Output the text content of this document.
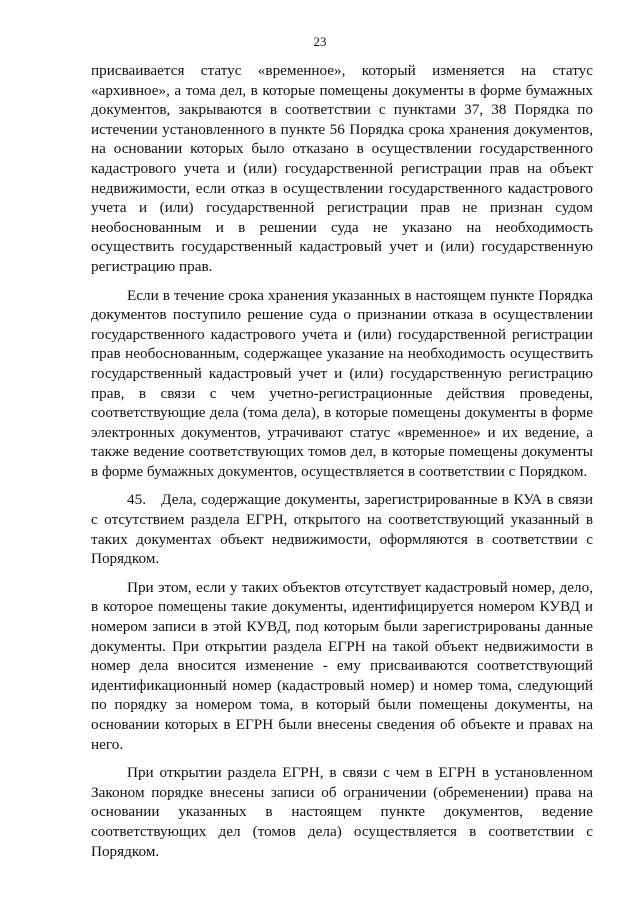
23

присваивается статус «временное», который изменяется на статус «архивное», а тома дел, в которые помещены документы в форме бумажных документов, закрываются в соответствии с пунктами 37, 38 Порядка по истечении установленного в пункте 56 Порядка срока хранения документов, на основании которых было отказано в осуществлении государственного кадастрового учета и (или) государственной регистрации прав на объект недвижимости, если отказ в осуществлении государственного кадастрового учета и (или) государственной регистрации прав не признан судом необоснованным и в решении суда не указано на необходимость осуществить государственный кадастровый учет и (или) государственную регистрацию прав.

Если в течение срока хранения указанных в настоящем пункте Порядка документов поступило решение суда о признании отказа в осуществлении государственного кадастрового учета и (или) государственной регистрации прав необоснованным, содержащее указание на необходимость осуществить государственный кадастровый учет и (или) государственную регистрацию прав, в связи с чем учетно-регистрационные действия проведены, соответствующие дела (тома дела), в которые помещены документы в форме электронных документов, утрачивают статус «временное» и их ведение, а также ведение соответствующих томов дел, в которые помещены документы в форме бумажных документов, осуществляется в соответствии с Порядком.

45. Дела, содержащие документы, зарегистрированные в КУА в связи с отсутствием раздела ЕГРН, открытого на соответствующий указанный в таких документах объект недвижимости, оформляются в соответствии с Порядком.

При этом, если у таких объектов отсутствует кадастровый номер, дело, в которое помещены такие документы, идентифицируется номером КУВД и номером записи в этой КУВД, под которым были зарегистрированы данные документы. При открытии раздела ЕГРН на такой объект недвижимости в номер дела вносится изменение - ему присваиваются соответствующий идентификационный номер (кадастровый номер) и номер тома, следующий по порядку за номером тома, в который были помещены документы, на основании которых в ЕГРН были внесены сведения об объекте и правах на него.

При открытии раздела ЕГРН, в связи с чем в ЕГРН в установленном Законом порядке внесены записи об ограничении (обременении) права на основании указанных в настоящем пункте документов, ведение соответствующих дел (томов дела) осуществляется в соответствии с Порядком.
